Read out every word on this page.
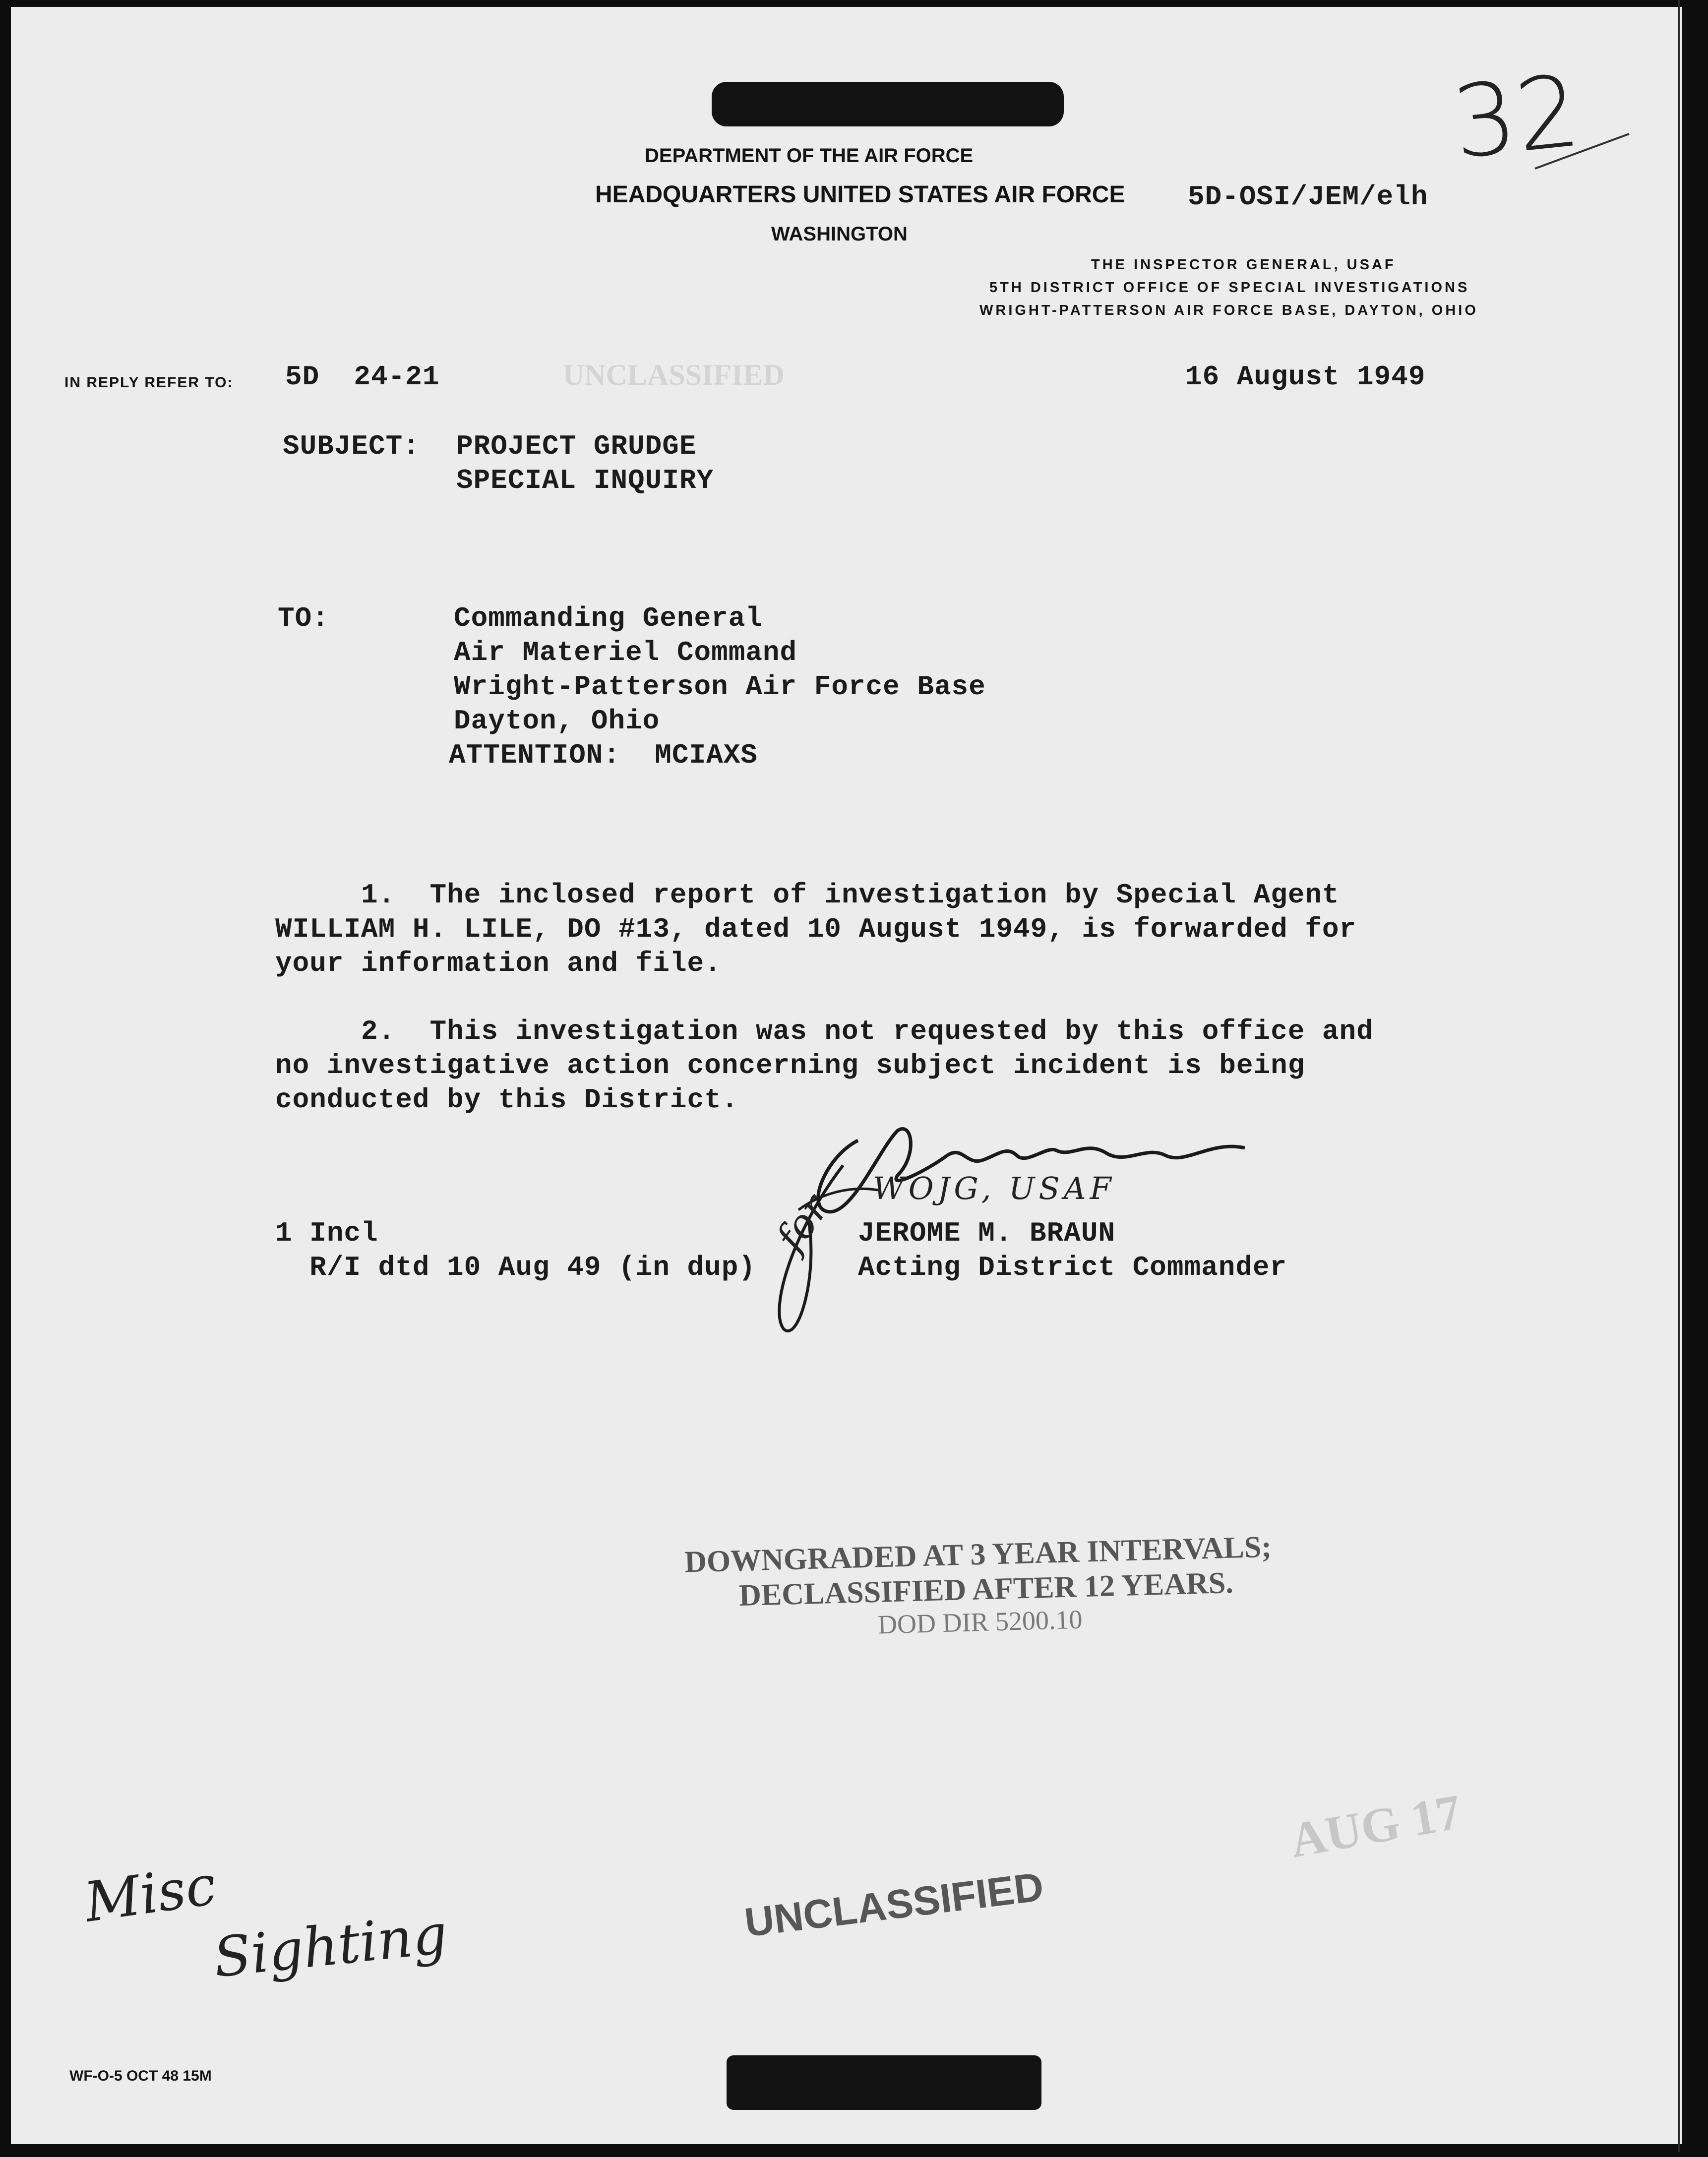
32
DEPARTMENT OF THE AIR FORCE
HEADQUARTERS UNITED STATES AIR FORCE
WASHINGTON
5D-OSI/JEM/elh
THE INSPECTOR GENERAL, USAF
5TH DISTRICT OFFICE OF SPECIAL INVESTIGATIONS
WRIGHT-PATTERSON AIR FORCE BASE, DAYTON, OHIO
IN REPLY REFER TO: 5D  24-21	UNCLASSIFIED	16 August 1949
SUBJECT: PROJECT GRUDGE
SPECIAL INQUIRY
TO:	Commanding General
Air Materiel Command
Wright-Patterson Air Force Base
Dayton, Ohio
ATTENTION:  MCIAXS
1.  The inclosed report of investigation by Special Agent
WILLIAM H. LILE, DO #13, dated 10 August 1949, is forwarded for
your information and file.
2.  This investigation was not requested by this office and
no investigative action concerning subject incident is being
conducted by this District.
for WOJG, USAF
JEROME M. BRAUN
Acting District Commander
1 Incl
R/I dtd 10 Aug 49 (in dup)
DOWNGRADED AT 3 YEAR INTERVALS;
DECLASSIFIED AFTER 12 YEARS.
DOD DIR 5200.10
AUG 17
Misc
Sighting	UNCLASSIFIED
WF-O-5 OCT 48 15M
